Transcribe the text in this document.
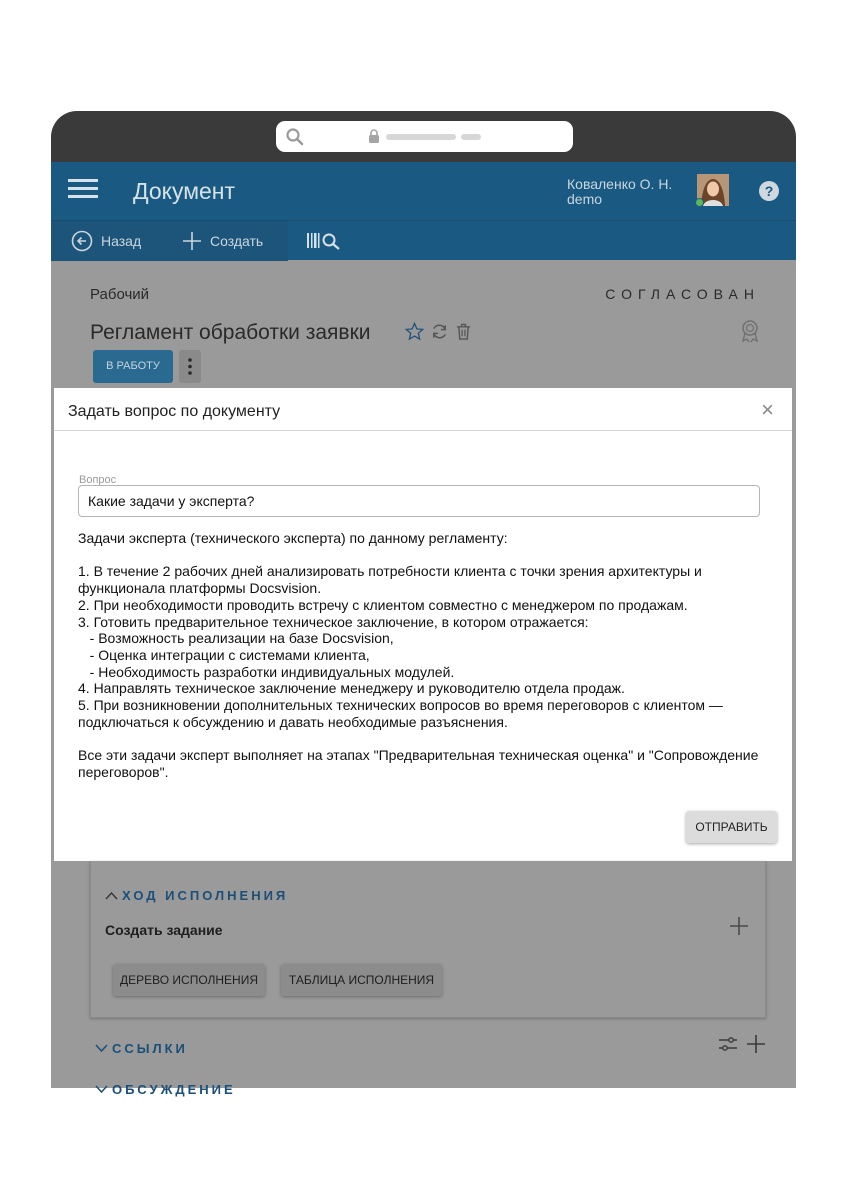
Документ	Коваленко О. Н.
demo	?
Назад	Создать
Рабочий	СОГЛАСОВАН
Регламент обработки заявки
В РАБОТУ
Задать вопрос по документу	×
Вопрос
Какие задачи у эксперта?

Задачи эксперта (технического эксперта) по данному регламенту:

1. В течение 2 рабочих дней анализировать потребности клиента с точки зрения архитектуры и

функционала платформы Docsvision.

2. При необходимости проводить встречу с клиентом совместно с менеджером по продажам.

3. Готовить предварительное техническое заключение, в котором отражается:

- Возможность реализации на базе Docsvision,

- Оценка интеграции с системами клиента,

- Необходимость разработки индивидуальных модулей.

4. Направлять техническое заключение менеджеру и руководителю отдела продаж.

5. При возникновении дополнительных технических вопросов во время переговоров с клиентом —

подключаться к обсуждению и давать необходимые разъяснения.

Все эти задачи эксперт выполняет на этапах "Предварительная техническая оценка" и "Сопровождение

переговоров".

ОТПРАВИТЬ
ХОД ИСПОЛНЕНИЯ
Создать задание
ДЕРЕВО ИСПОЛНЕНИЯ	ТАБЛИЦА ИСПОЛНЕНИЯ
ССЫЛКИ
ОБСУЖДЕНИЕ
